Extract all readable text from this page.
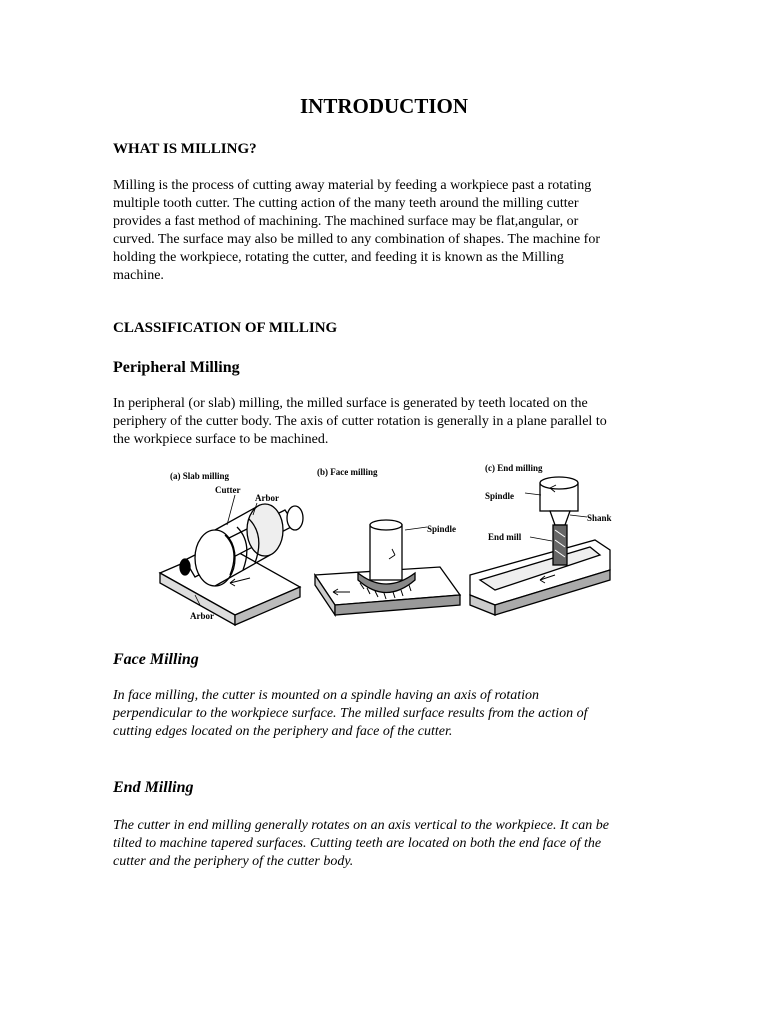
INTRODUCTION
WHAT IS MILLING?

Milling is the process of cutting away material by feeding a workpiece past a rotating
multiple tooth cutter. The cutting action of the many teeth around the milling cutter
provides a fast method of machining. The machined surface may be flat,angular, or
curved. The surface may also be milled to any combination of shapes. The machine for
holding the workpiece, rotating the cutter, and feeding it is known as the Milling
machine.

CLASSIFICATION OF MILLING
Peripheral Milling

In peripheral (or slab) milling, the milled surface is generated by teeth located on the
periphery of the cutter body. The axis of cutter rotation is generally in a plane parallel to
the workpiece surface to be machined.

(a) Slab milling
Cutter
Arbor
Arbor
(b) Face milling
Spindle
(c) End milling
Spindle
Shank
End mill
Face Milling

In face milling, the cutter is mounted on a spindle having an axis of rotation
perpendicular to the workpiece surface. The milled surface results from the action of
cutting edges located on the periphery and face of the cutter.

End Milling

The cutter in end milling generally rotates on an axis vertical to the workpiece. It can be
tilted to machine tapered surfaces. Cutting teeth are located on both the end face of the
cutter and the periphery of the cutter body.
